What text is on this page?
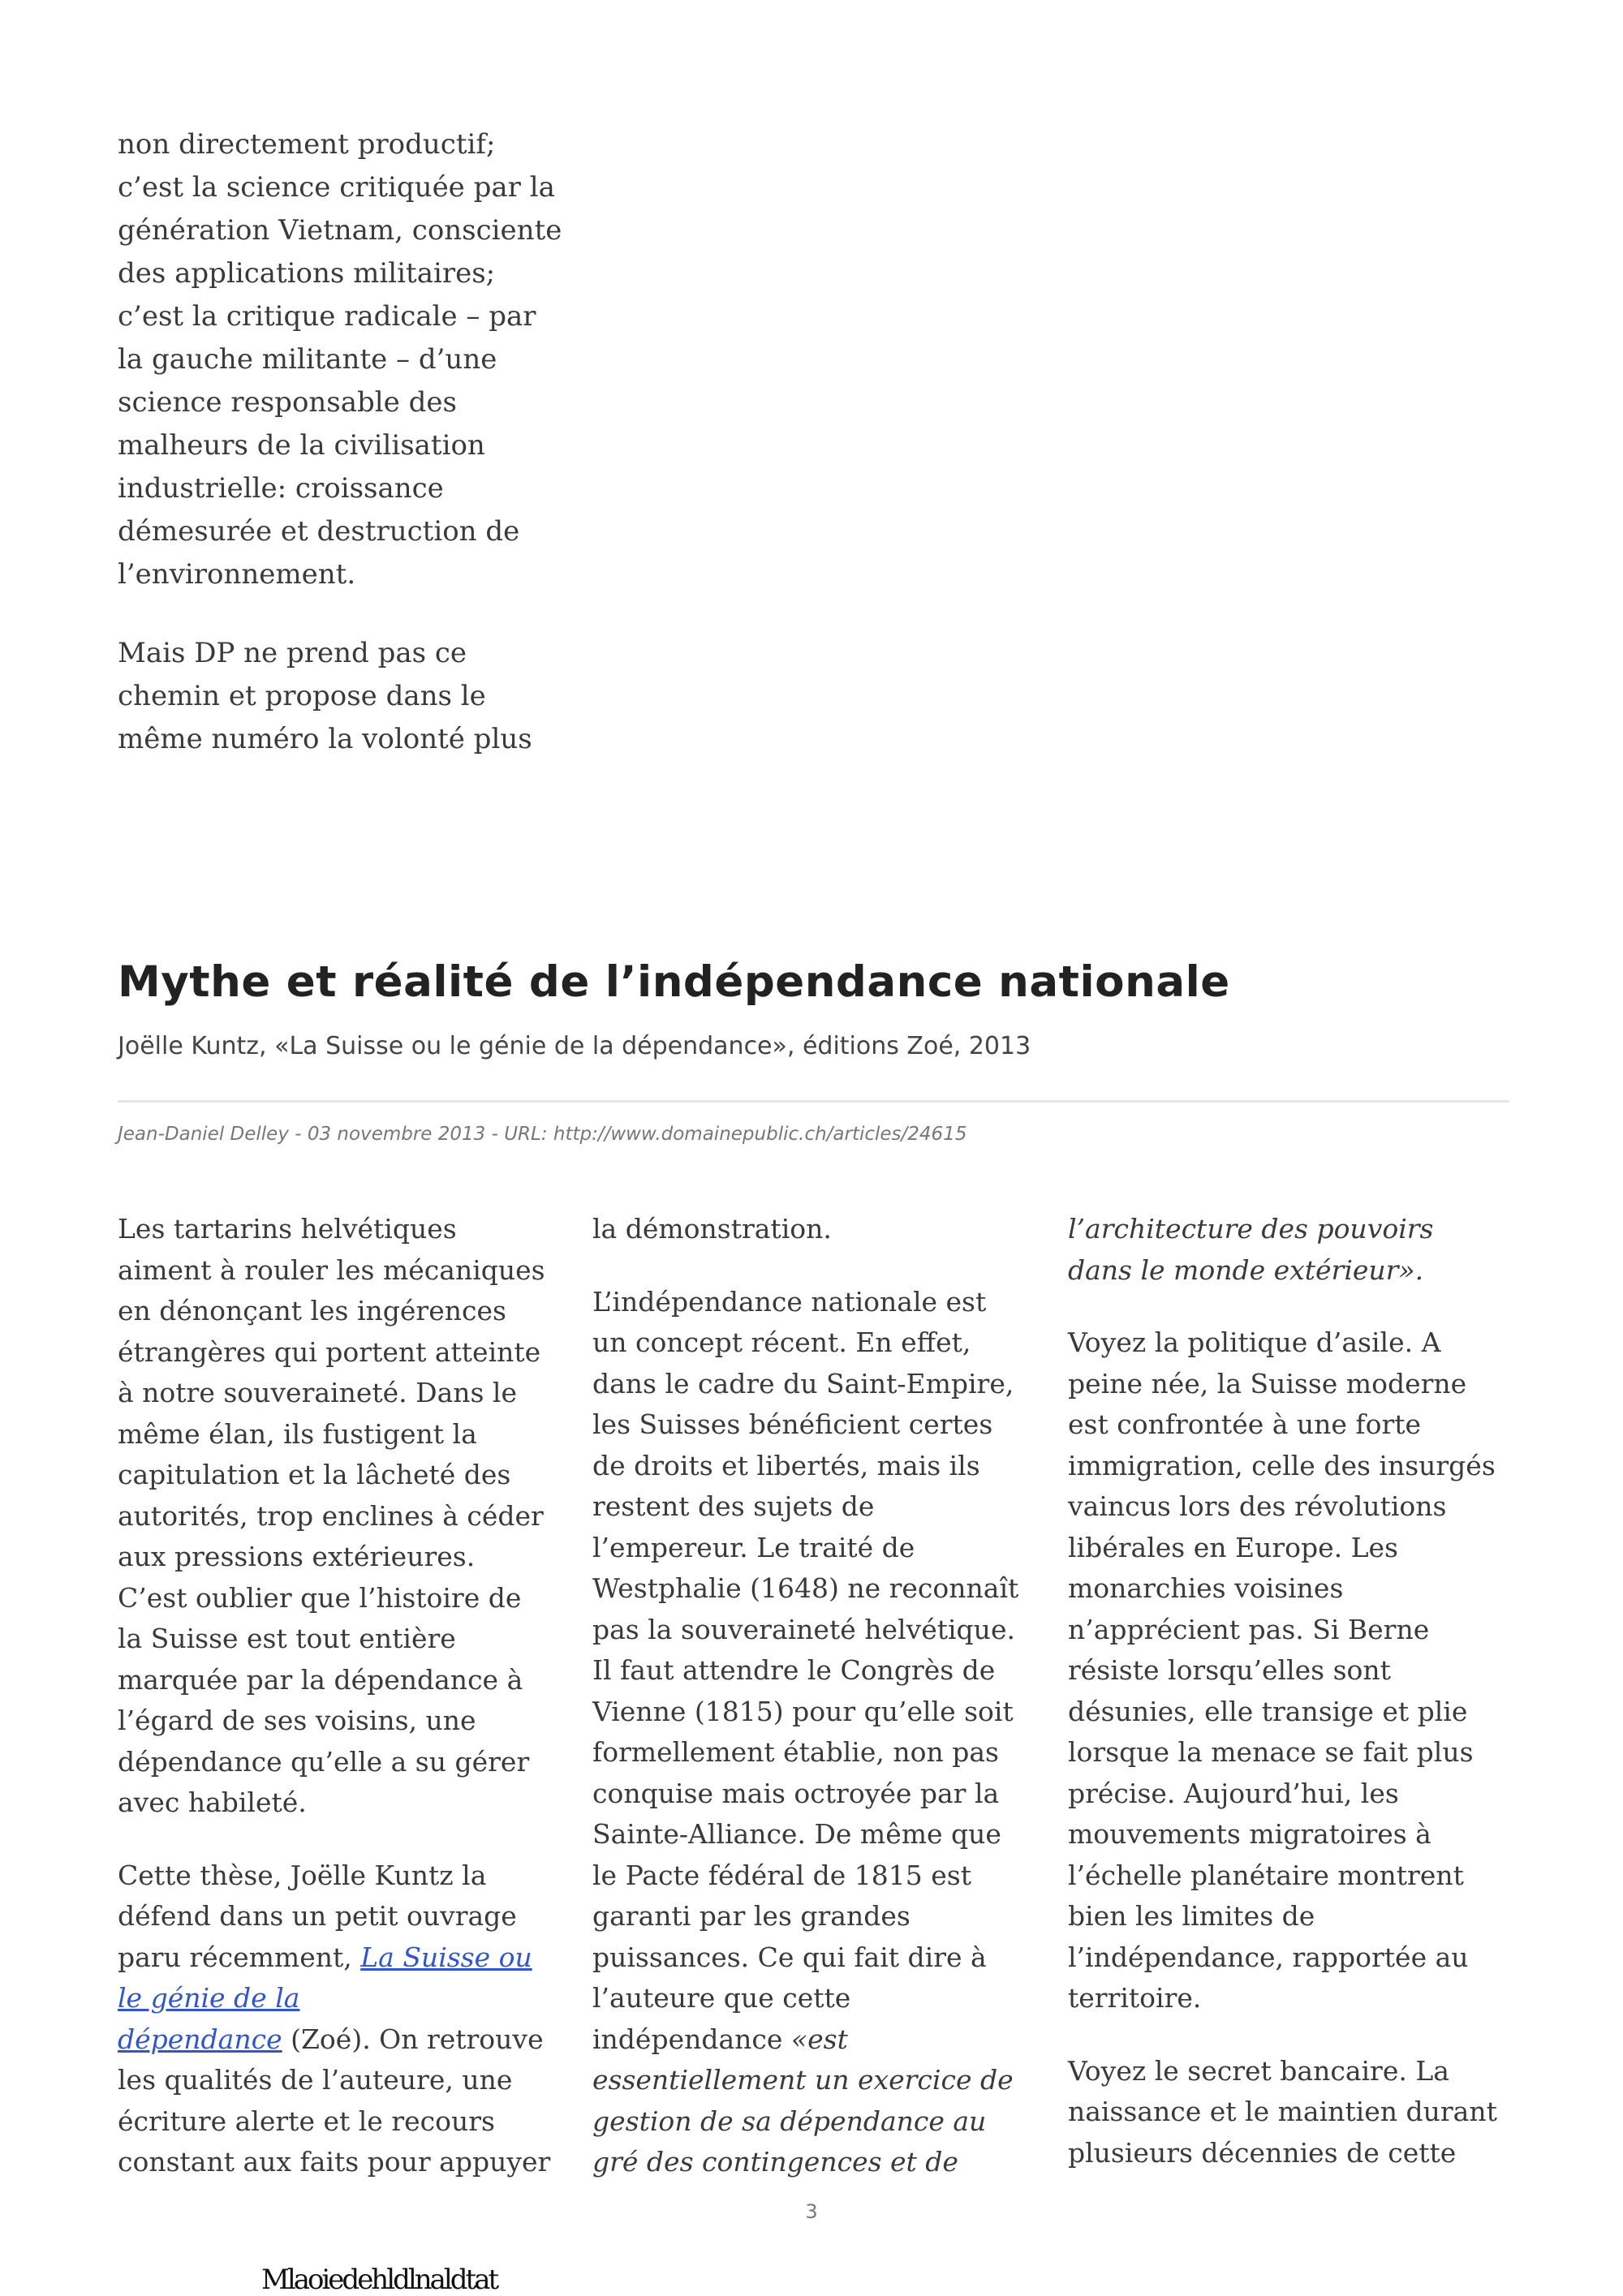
non directement productif;
c’est la science critiquée par la
génération Vietnam, consciente
des applications militaires;
c’est la critique radicale – par
la gauche militante – d’une
science responsable des
malheurs de la civilisation
industrielle: croissance
démesurée et destruction de
l’environnement.

Mais DP ne prend pas ce
chemin et propose dans le
même numéro la volonté plus

Mythe et réalité de l’indépendance nationale
Joëlle Kuntz, «La Suisse ou le génie de la dépendance», éditions Zoé, 2013
Jean-Daniel Delley - 03 novembre 2013 - URL: http://www.domainepublic.ch/articles/24615

Les tartarins helvétiques
aiment à rouler les mécaniques
en dénonçant les ingérences
étrangères qui portent atteinte
à notre souveraineté. Dans le
même élan, ils fustigent la
capitulation et la lâcheté des
autorités, trop enclines à céder
aux pressions extérieures.
C’est oublier que l’histoire de
la Suisse est tout entière
marquée par la dépendance à
l’égard de ses voisins, une
dépendance qu’elle a su gérer
avec habileté.

Cette thèse, Joëlle Kuntz la
défend dans un petit ouvrage
paru récemment, La Suisse ou
le génie de la
dépendance (Zoé). On retrouve
les qualités de l’auteure, une
écriture alerte et le recours
constant aux faits pour appuyer

la démonstration.

L’indépendance nationale est
un concept récent. En effet,
dans le cadre du Saint-Empire,
les Suisses bénéficient certes
de droits et libertés, mais ils
restent des sujets de
l’empereur. Le traité de
Westphalie (1648) ne reconnaît
pas la souveraineté helvétique.
Il faut attendre le Congrès de
Vienne (1815) pour qu’elle soit
formellement établie, non pas
conquise mais octroyée par la
Sainte-Alliance. De même que
le Pacte fédéral de 1815 est
garanti par les grandes
puissances. Ce qui fait dire à
l’auteure que cette
indépendance «est
essentiellement un exercice de
gestion de sa dépendance au
gré des contingences et de

l’architecture des pouvoirs
dans le monde extérieur».

Voyez la politique d’asile. A
peine née, la Suisse moderne
est confrontée à une forte
immigration, celle des insurgés
vaincus lors des révolutions
libérales en Europe. Les
monarchies voisines
n’apprécient pas. Si Berne
résiste lorsqu’elles sont
désunies, elle transige et plie
lorsque la menace se fait plus
précise. Aujourd’hui, les
mouvements migratoires à
l’échelle planétaire montrent
bien les limites de
l’indépendance, rapportée au
territoire.

Voyez le secret bancaire. La
naissance et le maintien durant
plusieurs décennies de cette

3
Mlaoiedehldlnaldtat
